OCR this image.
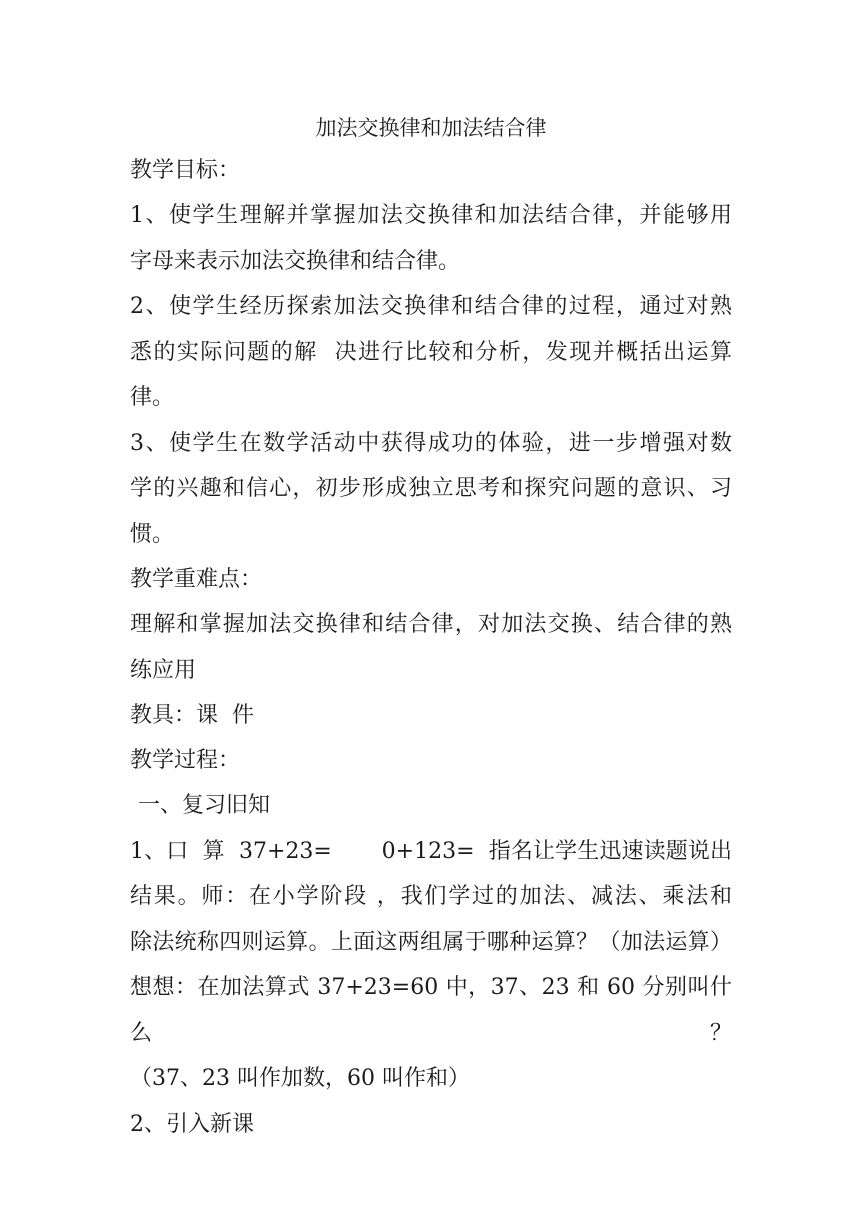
加法交换律和加法结合律

教学目标：

1、使学生理解并掌握加法交换律和加法结合律，并能够用

字母来表示加法交换律和结合律。

2、使学生经历探索加法交换律和结合律的过程，通过对熟

悉的实际问题的解  决进行比较和分析，发现并概括出运算

律。

3、使学生在数学活动中获得成功的体验，进一步增强对数

学的兴趣和信心，初步形成独立思考和探究问题的意识、习

惯。

教学重难点：

理解和掌握加法交换律和结合律，对加法交换、结合律的熟

练应用

教具：课  件

教学过程：

一、复习旧知

1、口  算  37+23=       0+123=  指名让学生迅速读题说出

结果。师：在小学阶段 ，我们学过的加法、减法、乘法和

除法统称四则运算。上面这两组属于哪种运算？（加法运算）

想想：在加法算式 37+23=60 中，37、23 和 60 分别叫什么？

（37、23 叫作加数，60 叫作和）

2、引入新课
